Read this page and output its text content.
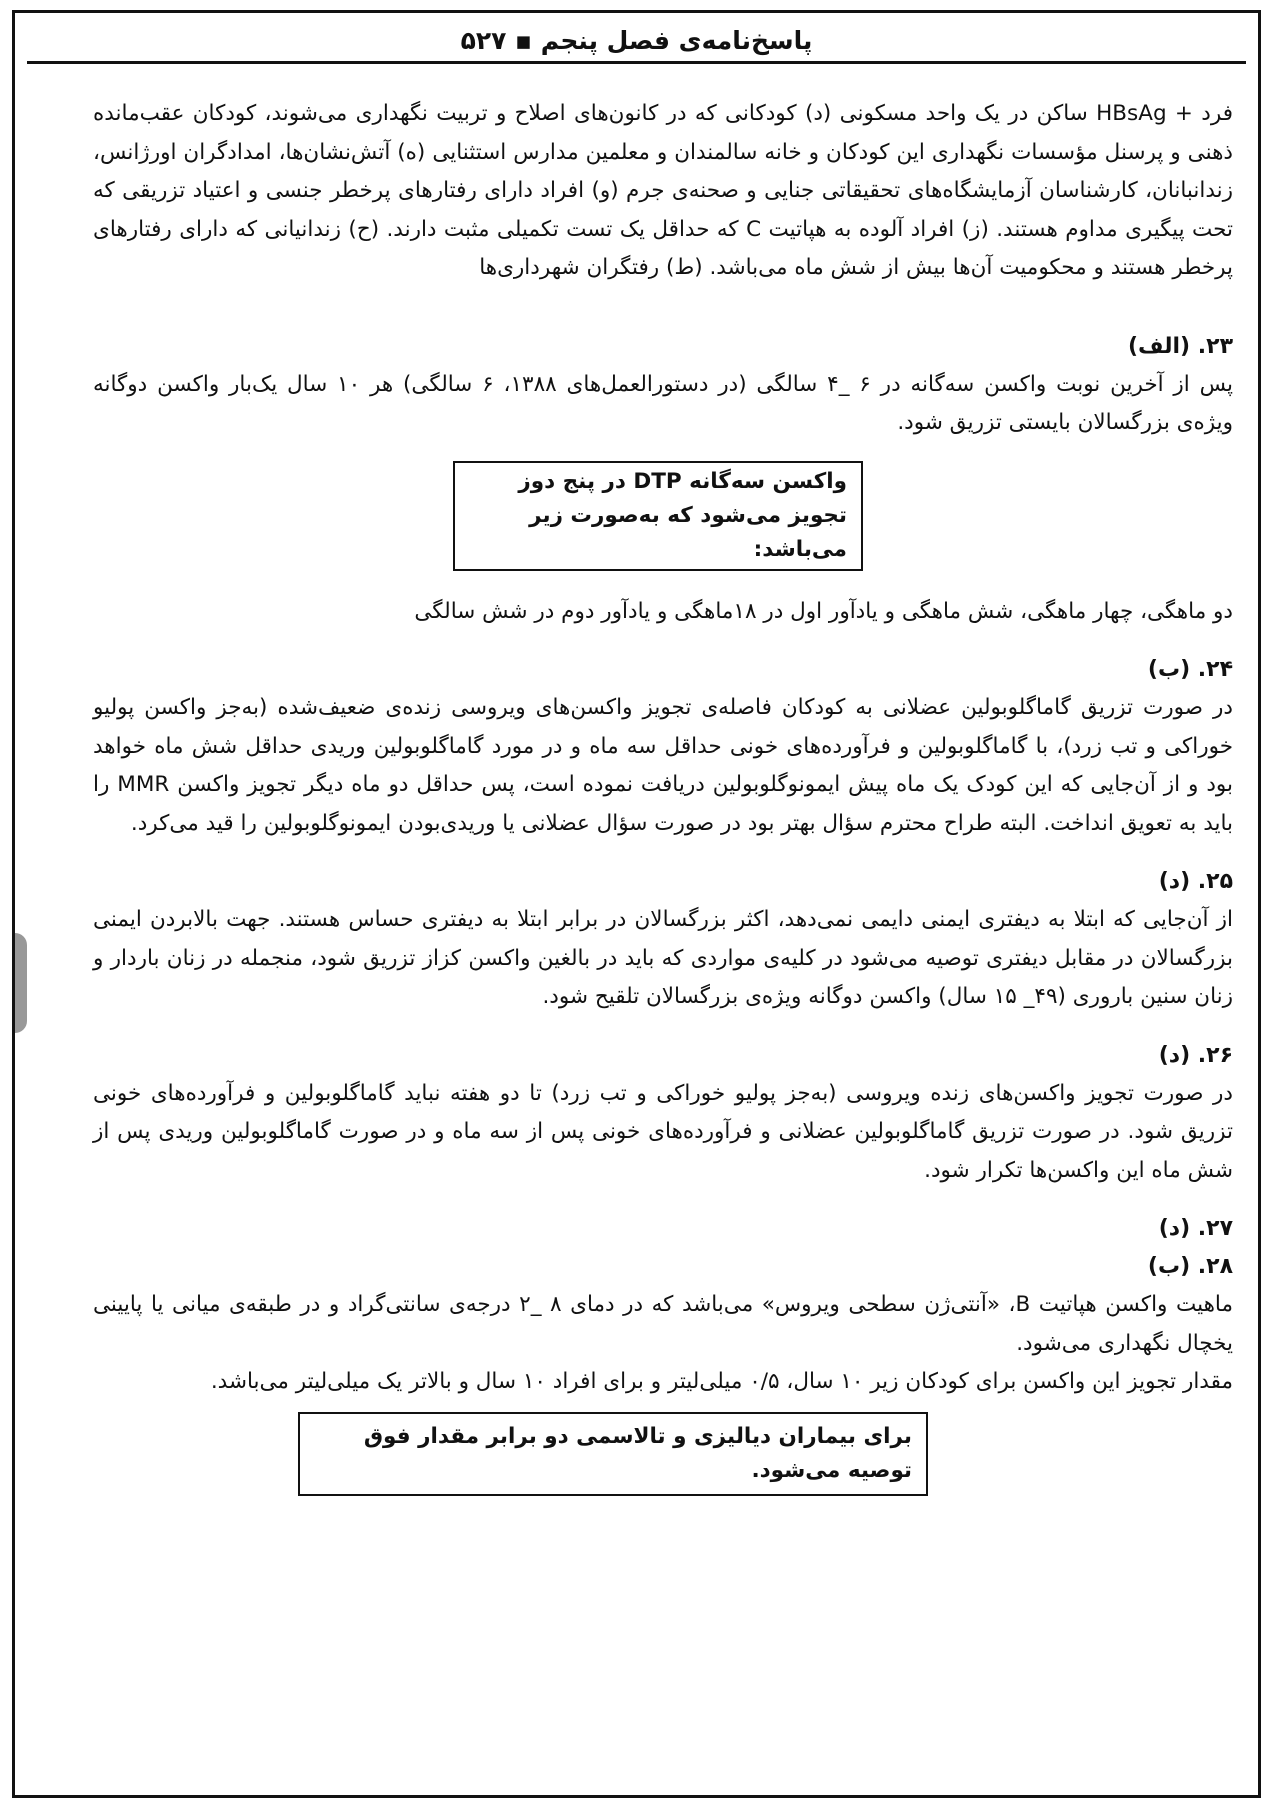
پاسخ‌نامه‌ی فصل پنجم ▪ ۵۲۷

فرد + HBsAg ساکن در یک واحد مسکونی (د) کودکانی که در کانون‌های اصلاح و تربیت نگهداری می‌شوند، کودکان عقب‌مانده ذهنی و پرسنل مؤسسات نگهداری این کودکان و خانه سالمندان و معلمین مدارس استثنایی (ه) آتش‌نشان‌ها، امدادگران اورژانس، زندانبانان، کارشناسان آزمایشگاه‌های تحقیقاتی جنایی و صحنه‌ی جرم (و) افراد دارای رفتارهای پرخطر جنسی و اعتیاد تزریقی که تحت پیگیری مداوم هستند. (ز) افراد آلوده به هپاتیت C که حداقل یک تست تکمیلی مثبت دارند. (ح) زندانیانی که دارای رفتارهای پرخطر هستند و محکومیت آن‌ها بیش از شش ماه می‌باشد. (ط) رفتگران شهرداری‌ها

۲۳. (الف)

پس از آخرین نوبت واکسن سه‌گانه در ۶ _۴ سالگی (در دستورالعمل‌های ۱۳۸۸، ۶ سالگی) هر ۱۰ سال یک‌بار واکسن دوگانه ویژه‌ی بزرگسالان بایستی تزریق شود.

واکسن سه‌گانه DTP در پنج دوز تجویز می‌شود که به‌صورت زیر می‌باشد:

دو ماهگی، چهار ماهگی، شش ماهگی و یادآور اول در ۱۸ماهگی و یادآور دوم در شش سالگی

۲۴. (ب)

در صورت تزریق گاماگلوبولین عضلانی به کودکان فاصله‌ی تجویز واکسن‌های ویروسی زنده‌ی ضعیف‌شده (به‌جز واکسن پولیو خوراکی و تب زرد)، با گاماگلوبولین و فرآورده‌های خونی حداقل سه ماه و در مورد گاماگلوبولین وریدی حداقل شش ماه خواهد بود و از آن‌جایی که این کودک یک ماه پیش ایمونوگلوبولین دریافت نموده است، پس حداقل دو ماه دیگر تجویز واکسن MMR را باید به تعویق انداخت. البته طراح محترم سؤال بهتر بود در صورت سؤال عضلانی یا وریدی‌بودن ایمونوگلوبولین را قید می‌کرد.

۲۵. (د)

از آن‌جایی که ابتلا به دیفتری ایمنی دایمی نمی‌دهد، اکثر بزرگسالان در برابر ابتلا به دیفتری حساس هستند. جهت بالابردن ایمنی بزرگسالان در مقابل دیفتری توصیه می‌شود در کلیه‌ی مواردی که باید در بالغین واکسن کزاز تزریق شود، منجمله در زنان باردار و زنان سنین باروری (۴۹_ ۱۵ سال) واکسن دوگانه ویژه‌ی بزرگسالان تلقیح شود.

۲۶. (د)

در صورت تجویز واکسن‌های زنده ویروسی (به‌جز پولیو خوراکی و تب زرد) تا دو هفته نباید گاماگلوبولین و فرآورده‌های خونی تزریق شود. در صورت تزریق گاماگلوبولین عضلانی و فرآورده‌های خونی پس از سه ماه و در صورت گاماگلوبولین وریدی پس از شش ماه این واکسن‌ها تکرار شود.

۲۷. (د)
۲۸. (ب)

ماهیت واکسن هپاتیت B، «آنتی‌ژن سطحی ویروس» می‌باشد که در دمای ۸ _۲ درجه‌ی سانتی‌گراد و در طبقه‌ی میانی یا پایینی یخچال نگهداری می‌شود.

مقدار تجویز این واکسن برای کودکان زیر ۱۰ سال، ۰/۵ میلی‌لیتر و برای افراد ۱۰ سال و بالاتر یک میلی‌لیتر می‌باشد.

برای بیماران دیالیزی و تالاسمی دو برابر مقدار فوق توصیه می‌شود.
